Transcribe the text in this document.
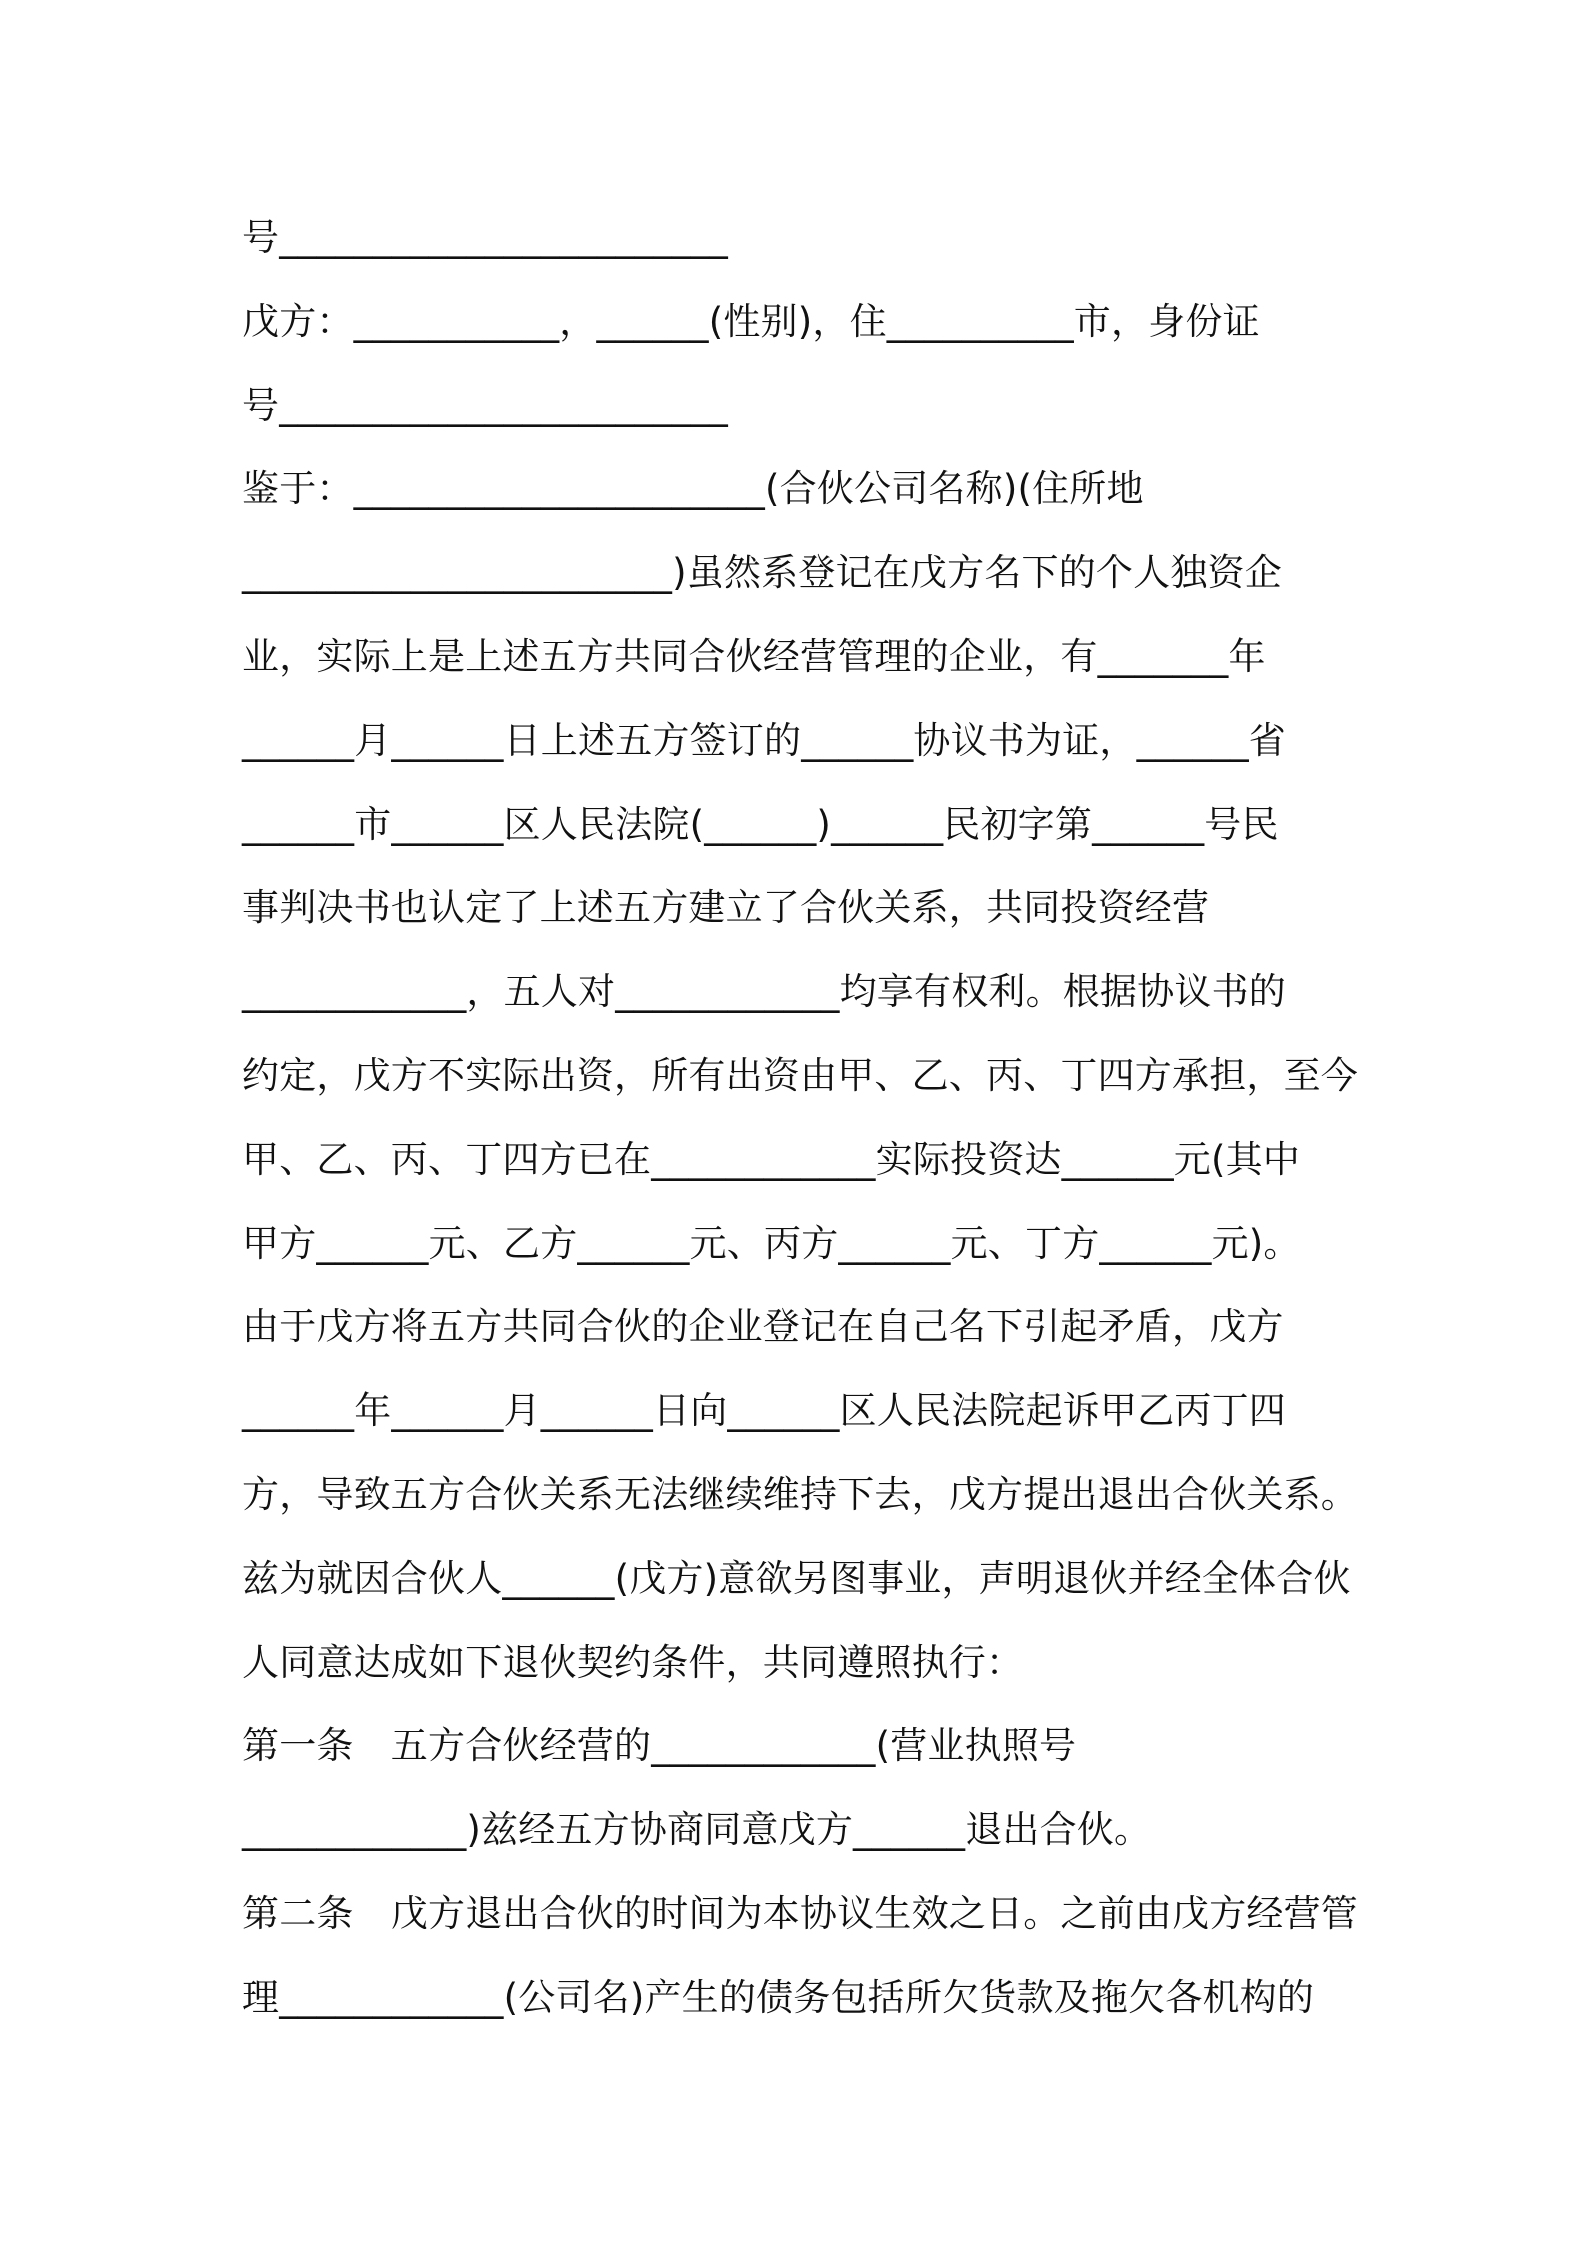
号________________________
戊方：___________，______(性别)，住__________市，身份证
号________________________
鉴于：______________________(合伙公司名称)(住所地
_______________________)虽然系登记在戊方名下的个人独资企
业，实际上是上述五方共同合伙经营管理的企业，有_______年
______月______日上述五方签订的______协议书为证，______省
______市______区人民法院(______)______民初字第______号民
事判决书也认定了上述五方建立了合伙关系，共同投资经营
____________，五人对____________均享有权利。根据协议书的
约定，戊方不实际出资，所有出资由甲、乙、丙、丁四方承担，至今
甲、乙、丙、丁四方已在____________实际投资达______元(其中
甲方______元、乙方______元、丙方______元、丁方______元)。
由于戊方将五方共同合伙的企业登记在自己名下引起矛盾，戊方
______年______月______日向______区人民法院起诉甲乙丙丁四
方，导致五方合伙关系无法继续维持下去，戊方提出退出合伙关系。
兹为就因合伙人______(戊方)意欲另图事业，声明退伙并经全体合伙
人同意达成如下退伙契约条件，共同遵照执行：
第一条　五方合伙经营的____________(营业执照号
____________)兹经五方协商同意戊方______退出合伙。
第二条　戊方退出合伙的时间为本协议生效之日。之前由戊方经营管
理____________(公司名)产生的债务包括所欠货款及拖欠各机构的
